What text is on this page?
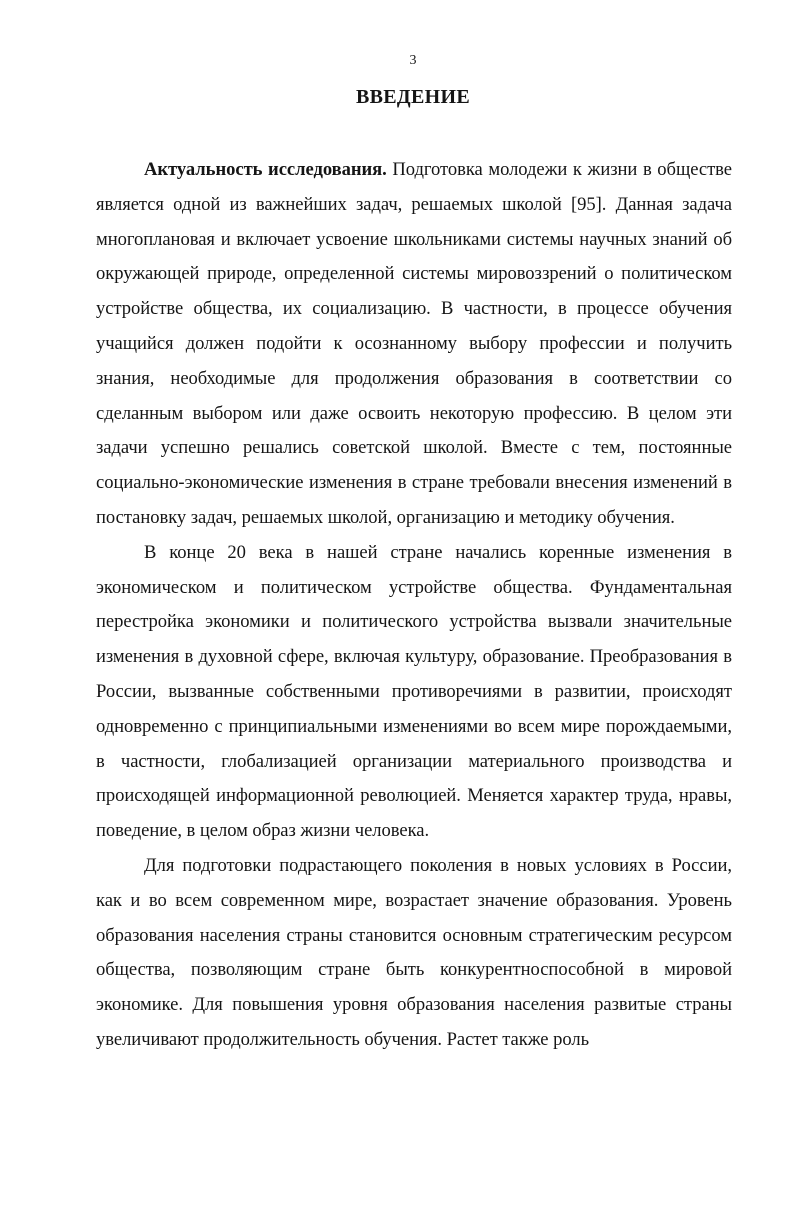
3
ВВЕДЕНИЕ

Актуальность исследования. Подготовка молодежи к жизни в обществе является одной из важнейших задач, решаемых школой [95]. Данная задача многоплановая и включает усвоение школьниками системы научных знаний об окружающей природе, определенной системы мировоззрений о политическом устройстве общества, их социализацию. В частности, в процессе обучения учащийся должен подойти к осознанному выбору профессии и получить знания, необходимые для продолжения образования в соответствии со сделанным выбором или даже освоить некоторую профессию. В целом эти задачи успешно решались советской школой. Вместе с тем, постоянные социально-экономические изменения в стране требовали внесения изменений в постановку задач, решаемых школой, организацию и методику обучения.

В конце 20 века в нашей стране начались коренные изменения в экономическом и политическом устройстве общества. Фундаментальная перестройка экономики и политического устройства вызвали значительные изменения в духовной сфере, включая культуру, образование. Преобразования в России, вызванные собственными противоречиями в развитии, происходят одновременно с принципиальными изменениями во всем мире порождаемыми, в частности, глобализацией организации материального производства и происходящей информационной революцией. Меняется характер труда, нравы, поведение, в целом образ жизни человека.

Для подготовки подрастающего поколения в новых условиях в России, как и во всем современном мире, возрастает значение образования. Уровень образования населения страны становится основным стратегическим ресурсом общества, позволяющим стране быть конкурентноспособной в мировой экономике. Для повышения уровня образования населения развитые страны увеличивают продолжительность обучения. Растет также роль
